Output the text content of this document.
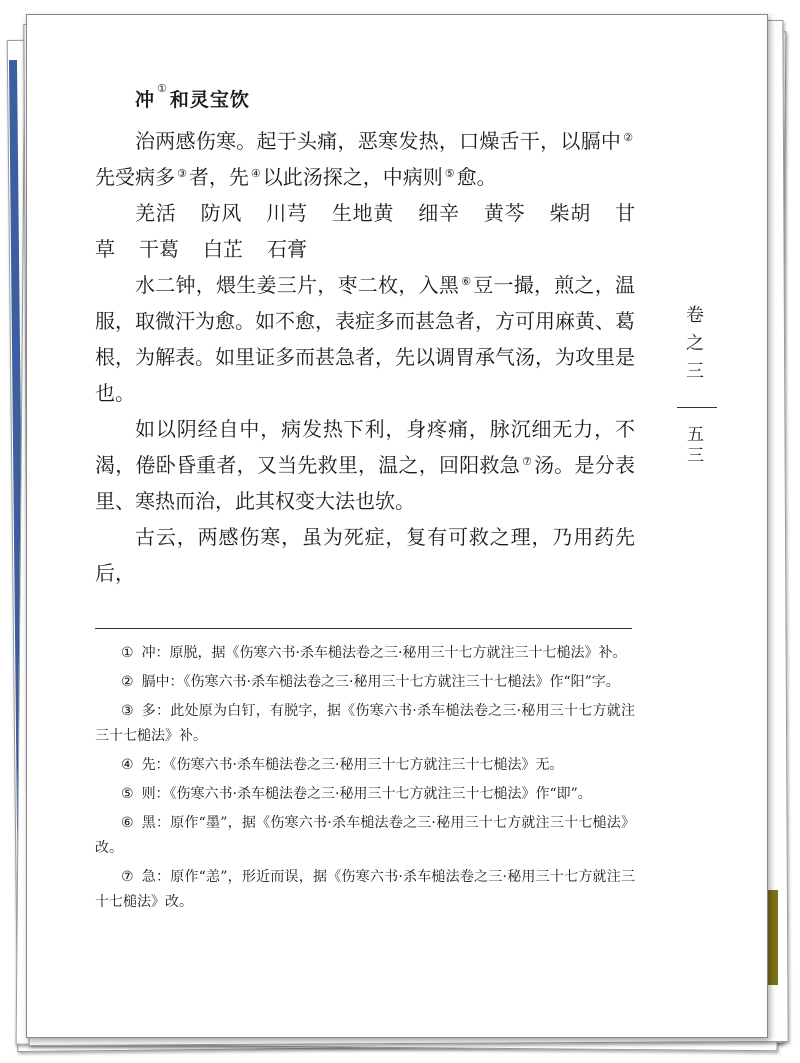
冲①和灵宝饮

治两感伤寒。起于头痛，恶寒发热，口燥舌干，以膈中 ②先受病多 ③ 者，先 ④ 以此汤探之，中病则 ⑤ 愈。

羌活 防风 川芎 生地黄 细辛 黄芩 柴胡 甘草 干葛 白芷 石膏

水二钟，煨生姜三片，枣二枚，入黑 ⑥ 豆一撮，煎之，温服，取微汗为愈。如不愈，表症多而甚急者，方可用麻黄、葛根，为解表。如里证多而甚急者，先以调胃承气汤，为攻里是也。

如以阴经自中，病发热下利，身疼痛，脉沉细无力，不渴，倦卧昏重者，又当先救里，温之，回阳救急 ⑦ 汤。是分表里、寒热而治，此其权变大法也欤。

古云，两感伤寒，虽为死症，复有可救之理，乃用药先后，

卷之三
五三

① 冲：原脱，据《伤寒六书·杀车槌法卷之三·秘用三十七方就注三十七槌法》补。

② 膈中：《伤寒六书·杀车槌法卷之三·秘用三十七方就注三十七槌法》作“阳”字。

③ 多：此处原为白钉，有脱字，据《伤寒六书·杀车槌法卷之三·秘用三十七方就注三十七槌法》补。

④ 先：《伤寒六书·杀车槌法卷之三·秘用三十七方就注三十七槌法》无。

⑤ 则：《伤寒六书·杀车槌法卷之三·秘用三十七方就注三十七槌法》作“即”。

⑥ 黑：原作“墨”，据《伤寒六书·杀车槌法卷之三·秘用三十七方就注三十七槌法》改。

⑦ 急：原作“恙”，形近而误，据《伤寒六书·杀车槌法卷之三·秘用三十七方就注三十七槌法》改。
